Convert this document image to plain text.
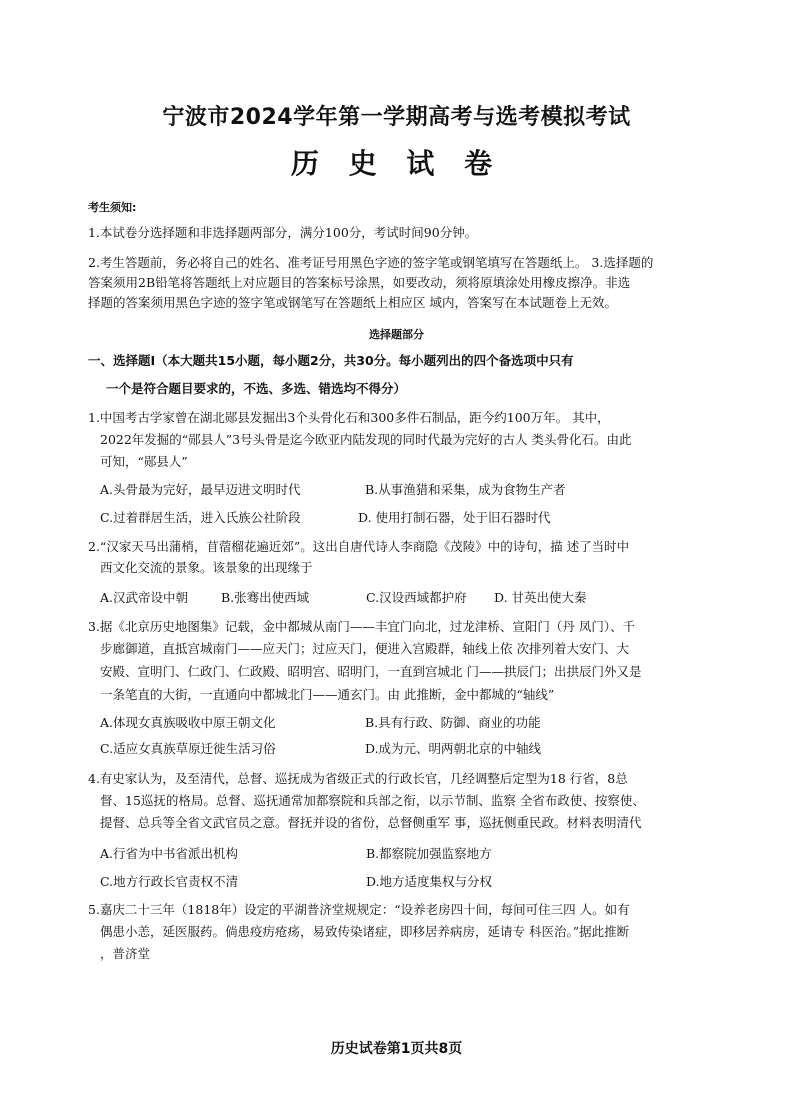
宁波市2024学年第一学期高考与选考模拟考试
历 史 试 卷
考生须知:
1.本试卷分选择题和非选择题两部分，满分100分，考试时间90分钟。
2.考生答题前，务必将自己的姓名、准考证号用黑色字迹的签字笔或钢笔填写在答题纸上。 3.选择题的
答案须用2B铅笔将答题纸上对应题目的答案标号涂黑，如要改动，须将原填涂处用橡皮擦净。非选
择题的答案须用黑色字迹的签字笔或钢笔写在答题纸上相应区 域内，答案写在本试题卷上无效。
选择题部分
一、选择题I（本大题共15小题，每小题2分，共30分。每小题列出的四个备选项中只有
一个是符合题目要求的，不选、多选、错选均不得分）
1.中国考古学家曾在湖北郧县发掘出3个头骨化石和300多件石制品，距今约100万年。 其中，
2022年发掘的“郧县人”3号头骨是迄今欧亚内陆发现的同时代最为完好的古人 类头骨化石。由此
可知，“郧县人”
A.头骨最为完好，最早迈进文明时代	B.从事渔猎和采集，成为食物生产者
C.过着群居生活，进入氏族公社阶段	D. 使用打制石器，处于旧石器时代
2.“汉家天马出蒲梢，苜蓿榴花遍近郊”。这出自唐代诗人李商隐《茂陵》中的诗句，描 述了当时中
西文化交流的景象。该景象的出现缘于
A.汉武帝设中朝	B.张骞出使西域	C.汉设西域都护府 D. 甘英出使大秦
3.据《北京历史地图集》记载，金中都城从南门——丰宜门向北，过龙津桥、宣阳门（丹 凤门）、千
步廊御道，直抵宫城南门——应天门；过应天门，便进入宫殿群，轴线上依 次排列着大安门、大
安殿、宣明门、仁政门、仁政殿、昭明宫、昭明门，一直到宫城北 门——拱辰门；出拱辰门外又是
一条笔直的大街，一直通向中都城北门——通玄门。由 此推断，金中都城的“轴线”
A.体现女真族吸收中原王朝文化	B.具有行政、防御、商业的功能
C.适应女真族草原迁徙生活习俗	D.成为元、明两朝北京的中轴线
4.有史家认为，及至清代，总督、巡抚成为省级正式的行政长官，几经调整后定型为18 行省，8总
督、15巡抚的格局。总督、巡抚通常加都察院和兵部之衔，以示节制、监察 全省布政使、按察使、
提督、总兵等全省文武官员之意。督抚并设的省份，总督侧重军 事，巡抚侧重民政。材料表明清代
A.行省为中书省派出机构	B.都察院加强监察地方
C.地方行政长官责权不清	D.地方适度集权与分权
5.嘉庆二十三年（1818年）设定的平湖普济堂规规定：“设养老房四十间，每间可住三四 人。如有
偶患小恙，延医服药。倘患疫疠疮疡，易致传染诸症，即移居养病房，延请专 科医治。”据此推断
，普济堂
历史试卷第1页共8页
